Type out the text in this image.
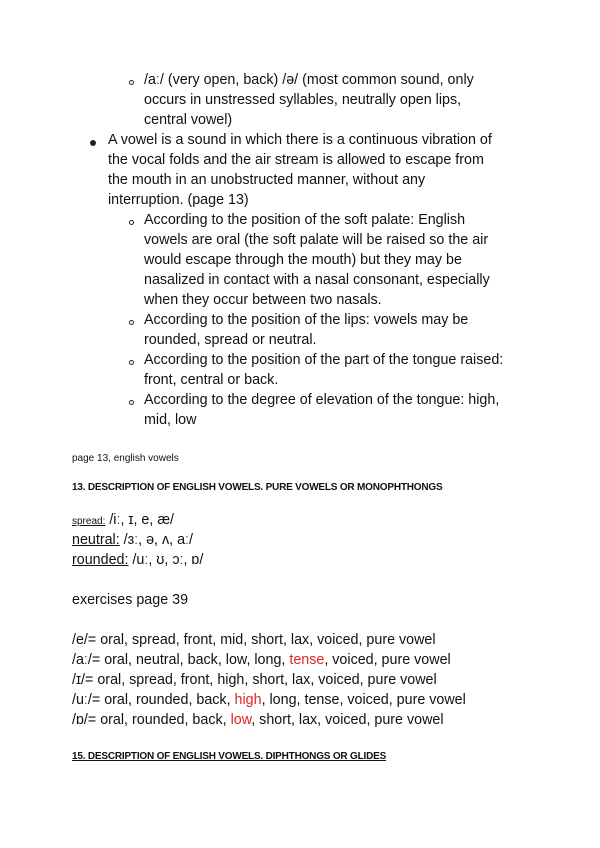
/aː/ (very open, back) /ə/ (most common sound, only
occurs in unstressed syllables, neutrally open lips,
central vowel)
A vowel is a sound in which there is a continuous vibration of
the vocal folds and the air stream is allowed to escape from
the mouth in an unobstructed manner, without any
interruption. (page 13)
According to the position of the soft palate: English
vowels are oral (the soft palate will be raised so the air
would escape through the mouth) but they may be
nasalized in contact with a nasal consonant, especially
when they occur between two nasals.
According to the position of the lips: vowels may be
rounded, spread or neutral.
According to the position of the part of the tongue raised:
front, central or back.
According to the degree of elevation of the tongue: high,
mid, low
page 13, english vowels
13. DESCRIPTION OF ENGLISH VOWELS. PURE VOWELS OR MONOPHTHONGS
spread: /iː, ɪ, e, æ/
neutral: /ɜː, ə, ʌ, aː/
rounded: /uː, ʊ, ɔː, ɒ/
exercises page 39
/e/= oral, spread, front, mid, short, lax, voiced, pure vowel
/aː/= oral, neutral, back, low, long, tense, voiced, pure vowel
/ɪ/= oral, spread, front, high, short, lax, voiced, pure vowel
/uː/= oral, rounded, back, high, long, tense, voiced, pure vowel
/ɒ/= oral, rounded, back, low, short, lax, voiced, pure vowel
15. DESCRIPTION OF ENGLISH VOWELS. DIPHTHONGS OR GLIDES
